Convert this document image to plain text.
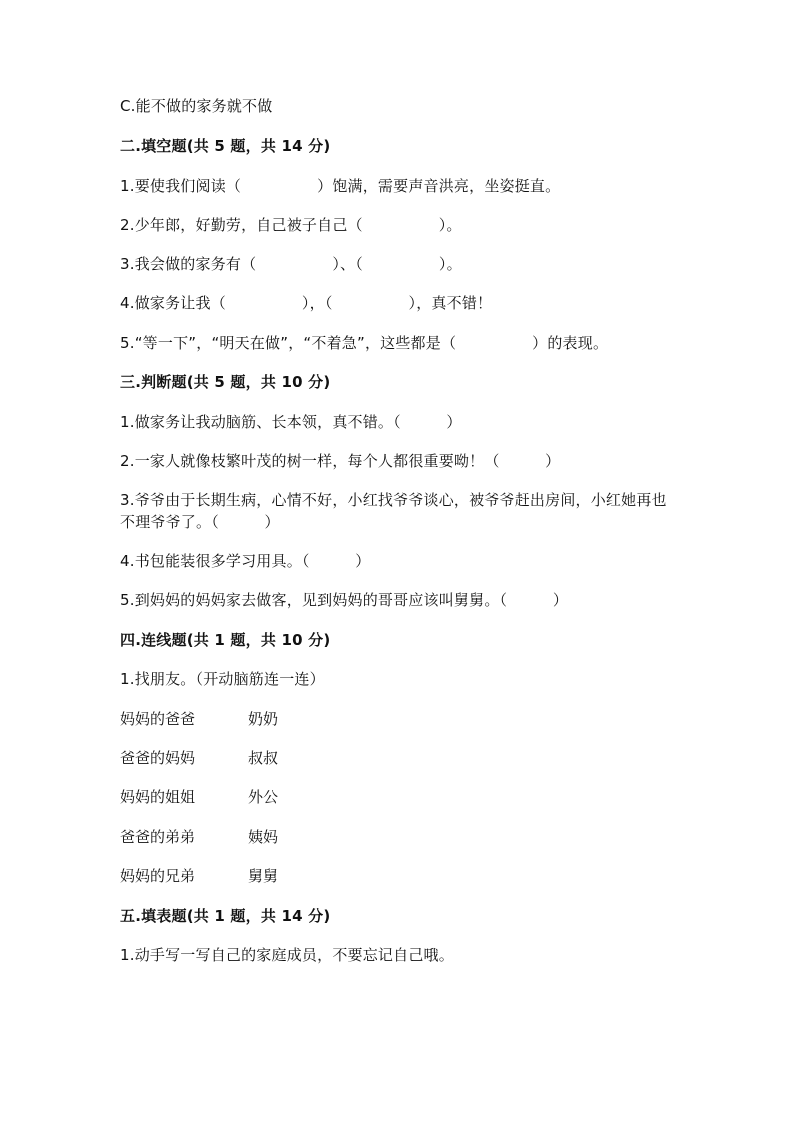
C.能不做的家务就不做
二.填空题(共 5 题，共 14 分)
1.要使我们阅读（　　　　　）饱满，需要声音洪亮，坐姿挺直。
2.少年郎，好勤劳，自己被子自己（　　　　　）。
3.我会做的家务有（　　　　　）、（　　　　　）。
4.做家务让我（　　　　　），（　　　　　），真不错！
5.“等一下”，“明天在做”，“不着急”，这些都是（　　　　　）的表现。
三.判断题(共 5 题，共 10 分)
1.做家务让我动脑筋、长本领，真不错。（　　　）
2.一家人就像枝繁叶茂的树一样，每个人都很重要呦！（　　　）
3.爷爷由于长期生病，心情不好，小红找爷爷谈心，被爷爷赶出房间，小红她再也不理爷爷了。（　　　）
4.书包能装很多学习用具。（　　　）
5.到妈妈的妈妈家去做客，见到妈妈的哥哥应该叫舅舅。（　　　）
四.连线题(共 1 题，共 10 分)
1.找朋友。（开动脑筋连一连）
妈妈的爸爸	奶奶
爸爸的妈妈	叔叔
妈妈的姐姐	外公
爸爸的弟弟	姨妈
妈妈的兄弟	舅舅
五.填表题(共 1 题，共 14 分)
1.动手写一写自己的家庭成员，不要忘记自己哦。
